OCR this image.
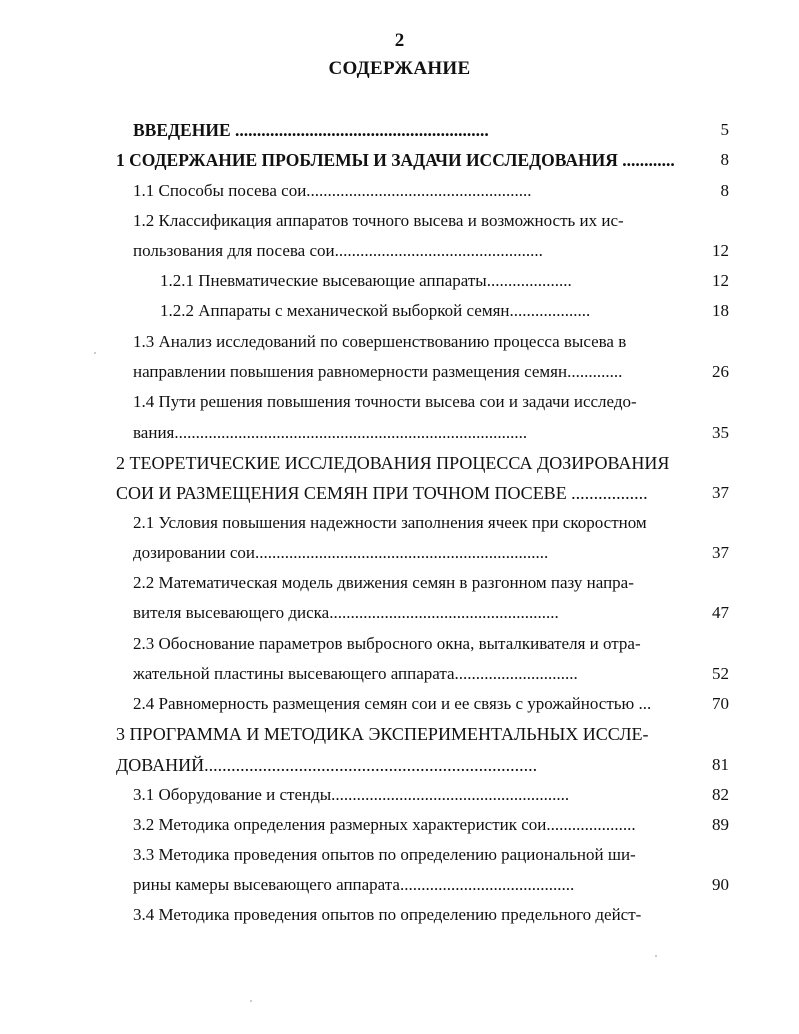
2
СОДЕРЖАНИЕ
ВВЕДЕНИЕ ..........................................................	5
1 СОДЕРЖАНИЕ ПРОБЛЕМЫ И ЗАДАЧИ ИССЛЕДОВАНИЯ ............	8
1.1 Способы посева сои.....................................................	8
1.2 Классификация аппаратов точного высева и возможность их ис-
пользования для посева сои.................................................	12
1.2.1 Пневматические высевающие аппараты....................	12
1.2.2 Аппараты с механической выборкой семян...................	18
1.3 Анализ исследований по совершенствованию процесса высева в
направлении повышения равномерности размещения семян.............	26
1.4 Пути решения повышения точности высева сои и задачи исследо-
вания...................................................................................	35
2 ТЕОРЕТИЧЕСКИЕ ИССЛЕДОВАНИЯ ПРОЦЕССА ДОЗИРОВАНИЯ
СОИ И РАЗМЕЩЕНИЯ СЕМЯН ПРИ ТОЧНОМ ПОСЕВЕ .................	37
2.1 Условия повышения надежности заполнения ячеек при скоростном
дозировании сои.....................................................................	37
2.2 Математическая модель движения семян в разгонном пазу напра-
вителя высевающего диска......................................................	47
2.3 Обоснование параметров выбросного окна, выталкивателя и отра-
жательной пластины высевающего аппарата.............................	52
2.4 Равномерность размещения семян сои и ее связь с урожайностью ...	70
3 ПРОГРАММА И МЕТОДИКА ЭКСПЕРИМЕНТАЛЬНЫХ ИССЛЕ-
ДОВАНИЙ..........................................................................	81
3.1 Оборудование и стенды........................................................	82
3.2 Методика определения размерных характеристик сои.....................	89
3.3 Методика проведения опытов по определению рациональной ши-
рины камеры высевающего аппарата.........................................	90
3.4 Методика проведения опытов по определению предельного дейст-
